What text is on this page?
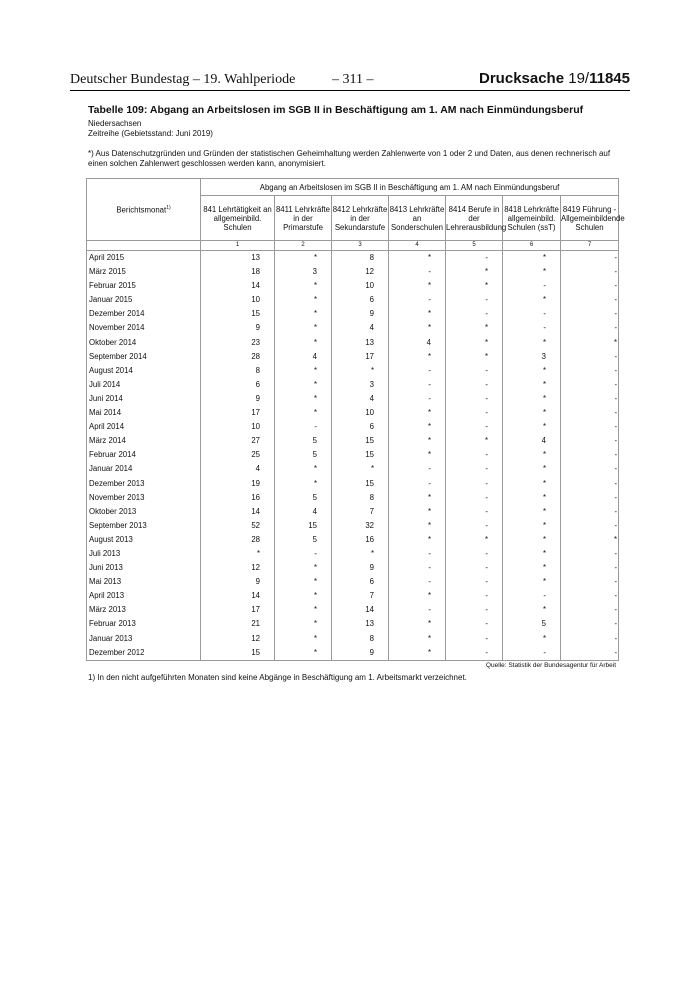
Deutscher Bundestag – 19. Wahlperiode	– 311 –	Drucksache 19/11845
Tabelle 109: Abgang an Arbeitslosen im SGB II in Beschäftigung am 1. AM nach Einmündungsberuf
Niedersachsen
Zeitreihe (Gebietsstand: Juni 2019)
*) Aus Datenschutzgründen und Gründen der statistischen Geheimhaltung werden Zahlenwerte von 1 oder 2 und Daten, aus denen rechnerisch auf einen solchen Zahlenwert geschlossen werden kann, anonymisiert.
Berichtsmonat$^{1)}$	Abgang an Arbeitslosen im SGB II in Beschäftigung am 1. AM nach Einmündungsberuf						
	841 Lehrtätigkeit an allgemeinbild. Schulen	8411 Lehrkräfte in der Primarstufe	8412 Lehrkräfte in der Sekundarstufe	8413 Lehrkräfte an Sonderschulen	8414 Berufe in der Lehrerausbildung	8418 Lehrkräfte allgemeinbild. Schulen (ssT)	8419 Führung - Allgemeinbildende Schulen
	1	2	3	4	5	6	7
April 2015	13	*	8	*	-	*	-
März 2015	18	3	12	-	*	*	-
Februar 2015	14	*	10	*	*	-	-
Januar 2015	10	*	6	-	-	*	-
Dezember 2014	15	*	9	*	-	-	-
November 2014	9	*	4	*	*	-	-
Oktober 2014	23	*	13	4	*	*	*
September 2014	28	4	17	*	*	3	-
August 2014	8	*	*	-	-	*	-
Juli 2014	6	*	3	-	-	*	-
Juni 2014	9	*	4	-	-	*	-
Mai 2014	17	*	10	*	-	*	-
April 2014	10	-	6	*	-	*	-
März 2014	27	5	15	*	*	4	-
Februar 2014	25	5	15	*	-	*	-
Januar 2014	4	*	*	-	-	*	-
Dezember 2013	19	*	15	-	-	*	-
November 2013	16	5	8	*	-	*	-
Oktober 2013	14	4	7	*	-	*	-
September 2013	52	15	32	*	-	*	-
August 2013	28	5	16	*	*	*	*
Juli 2013	*	-	*	-	-	*	-
Juni 2013	12	*	9	-	-	*	-
Mai 2013	9	*	6	-	-	*	-
April 2013	14	*	7	*	-	-	-
März 2013	17	*	14	-	-	*	-
Februar 2013	21	*	13	*	-	5	-
Januar 2013	12	*	8	*	-	*	-
Dezember 2012	15	*	9	*	-	-	-
Quelle: Statistik der Bundesagentur für Arbeit
1) In den nicht aufgeführten Monaten sind keine Abgänge in Beschäftigung am 1. Arbeitsmarkt verzeichnet.
